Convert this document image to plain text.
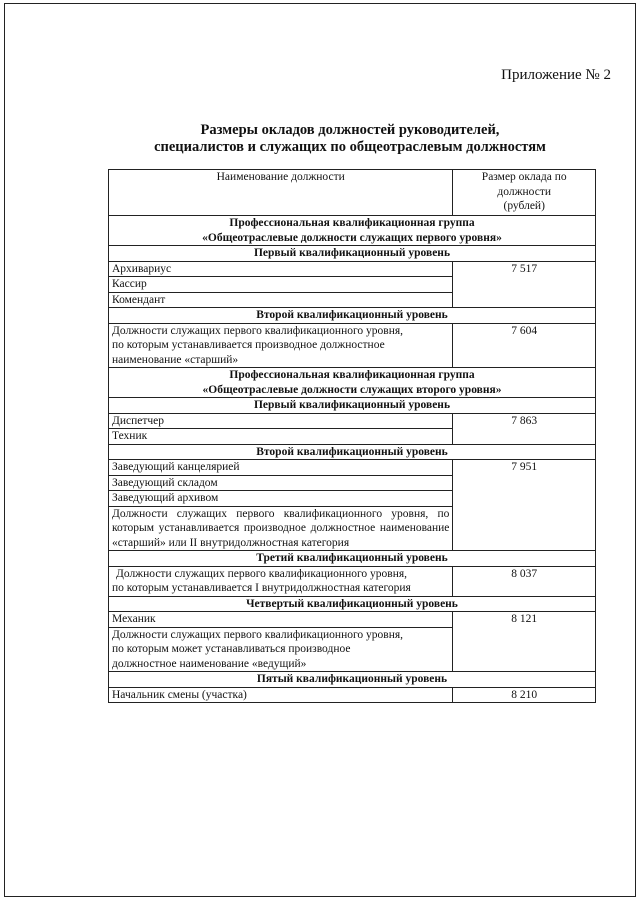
Приложение № 2
Размеры окладов должностей руководителей,
специалистов и служащих по общеотраслевым должностям
Наименование должности	Размер оклада по
должности
(рублей)

Профессиональная квалификационная группа
«Общеотраслевые должности служащих первого уровня»	

Первый квалификационный уровень	
Архивариус	7 517
Кассир	
Комендант	
Второй квалификационный уровень	

Должности служащих первого квалификационного уровня,
по которым устанавливается производное должностное
наименование «старший»	7 604

Профессиональная квалификационная группа
«Общеотраслевые должности служащих второго уровня»	

Первый квалификационный уровень	
Диспетчер	7 863
Техник	
Второй квалификационный уровень	
Заведующий канцелярией	7 951
Заведующий складом	
Заведующий архивом	
Должности служащих первого квалификационного уровня, по которым устанавливается производное должностное наименование «старший» или II внутридолжностная категория	
Третий квалификационный уровень	

Должности служащих первого квалификационного уровня,
по которым устанавливается I внутридолжностная категория	8 037
Четвертый квалификационный уровень	
Механик	8 121

Должности служащих первого квалификационного уровня,
по которым может устанавливаться производное
должностное наименование «ведущий»	

Пятый квалификационный уровень	
Начальник смены (участка)	8 210
